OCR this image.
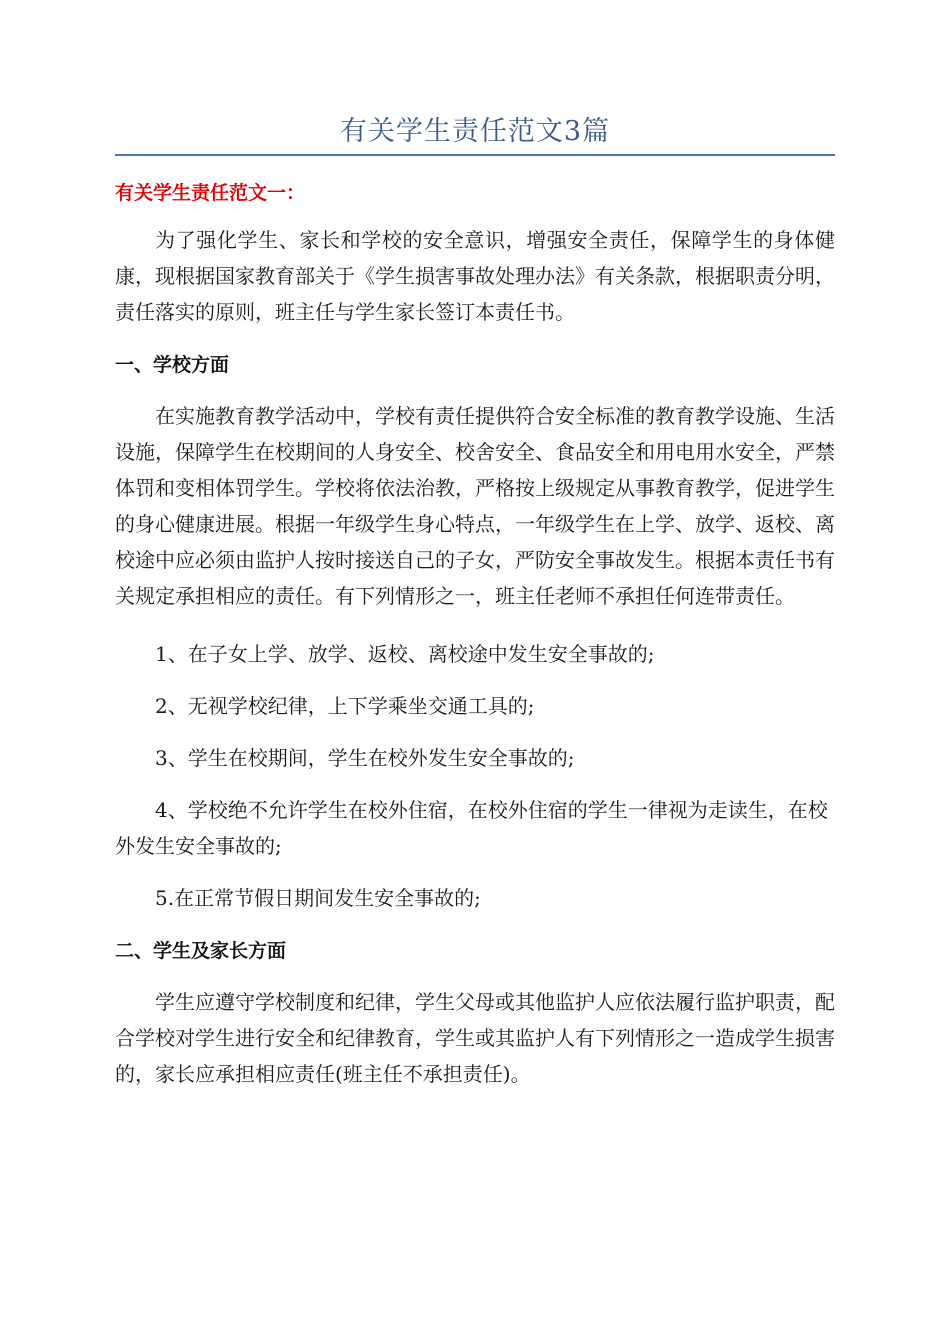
有关学生责任范文3篇
有关学生责任范文一：

为了强化学生、家长和学校的安全意识，增强安全责任，保障学生的身体健康，现根据国家教育部关于《学生损害事故处理办法》有关条款，根据职责分明，责任落实的原则，班主任与学生家长签订本责任书。

一、学校方面

在实施教育教学活动中，学校有责任提供符合安全标准的教育教学设施、生活设施，保障学生在校期间的人身安全、校舍安全、食品安全和用电用水安全，严禁体罚和变相体罚学生。学校将依法治教，严格按上级规定从事教育教学，促进学生的身心健康进展。根据一年级学生身心特点，一年级学生在上学、放学、返校、离校途中应必须由监护人按时接送自己的子女，严防安全事故发生。根据本责任书有关规定承担相应的责任。有下列情形之一，班主任老师不承担任何连带责任。

1、在子女上学、放学、返校、离校途中发生安全事故的;

2、无视学校纪律，上下学乘坐交通工具的;

3、学生在校期间，学生在校外发生安全事故的;

4、学校绝不允许学生在校外住宿，在校外住宿的学生一律视为走读生，在校外发生安全事故的;

5.在正常节假日期间发生安全事故的;

二、学生及家长方面

学生应遵守学校制度和纪律，学生父母或其他监护人应依法履行监护职责，配合学校对学生进行安全和纪律教育，学生或其监护人有下列情形之一造成学生损害的，家长应承担相应责任(班主任不承担责任)。
